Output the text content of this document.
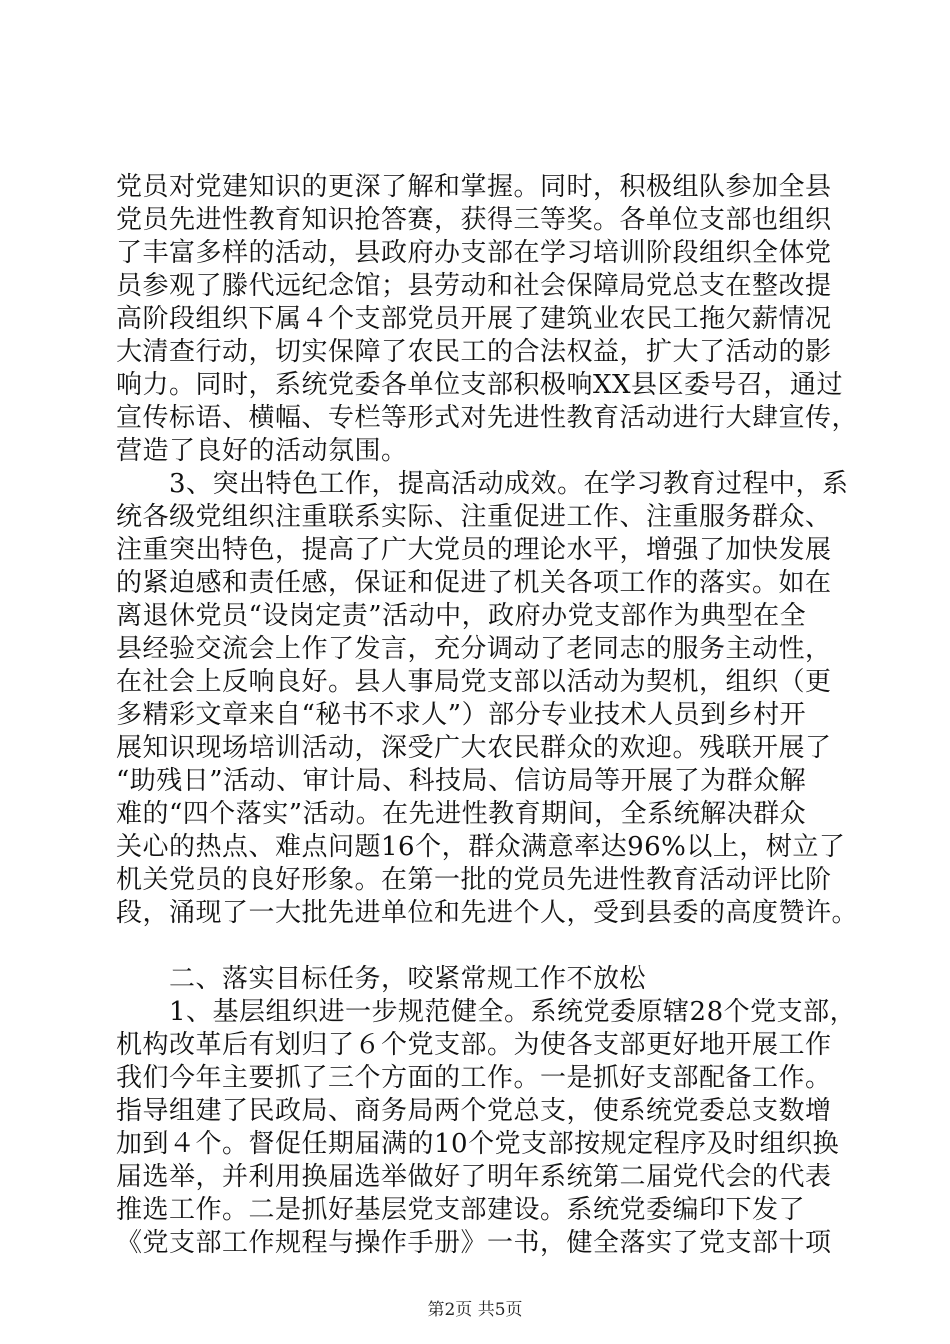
党员对党建知识的更深了解和掌握。同时，积极组队参加全县
党员先进性教育知识抢答赛，获得三等奖。各单位支部也组织
了丰富多样的活动，县政府办支部在学习培训阶段组织全体党
员参观了滕代远纪念馆；县劳动和社会保障局党总支在整改提
高阶段组织下属４个支部党员开展了建筑业农民工拖欠薪情况
大清查行动，切实保障了农民工的合法权益，扩大了活动的影
响力。同时，系统党委各单位支部积极响XX县区委号召，通过
宣传标语、横幅、专栏等形式对先进性教育活动进行大肆宣传，
营造了良好的活动氛围。
　　3、突出特色工作，提高活动成效。在学习教育过程中，系
统各级党组织注重联系实际、注重促进工作、注重服务群众、
注重突出特色，提高了广大党员的理论水平，增强了加快发展
的紧迫感和责任感，保证和促进了机关各项工作的落实。如在
离退休党员“设岗定责”活动中，政府办党支部作为典型在全
县经验交流会上作了发言，充分调动了老同志的服务主动性，
在社会上反响良好。县人事局党支部以活动为契机，组织（更
多精彩文章来自“秘书不求人”）部分专业技术人员到乡村开
展知识现场培训活动，深受广大农民群众的欢迎。残联开展了
“助残日”活动、审计局、科技局、信访局等开展了为群众解
难的“四个落实”活动。在先进性教育期间，全系统解决群众
关心的热点、难点问题16个，群众满意率达96%以上，树立了
机关党员的良好形象。在第一批的党员先进性教育活动评比阶
段，涌现了一大批先进单位和先进个人，受到县委的高度赞许。
　　二、落实目标任务，咬紧常规工作不放松
　　1、基层组织进一步规范健全。系统党委原辖28个党支部，
机构改革后有划归了６个党支部。为使各支部更好地开展工作
我们今年主要抓了三个方面的工作。一是抓好支部配备工作。
指导组建了民政局、商务局两个党总支，使系统党委总支数增
加到４个。督促任期届满的10个党支部按规定程序及时组织换
届选举，并利用换届选举做好了明年系统第二届党代会的代表
推选工作。二是抓好基层党支部建设。系统党委编印下发了
《党支部工作规程与操作手册》一书，健全落实了党支部十项
第2页 共5页
